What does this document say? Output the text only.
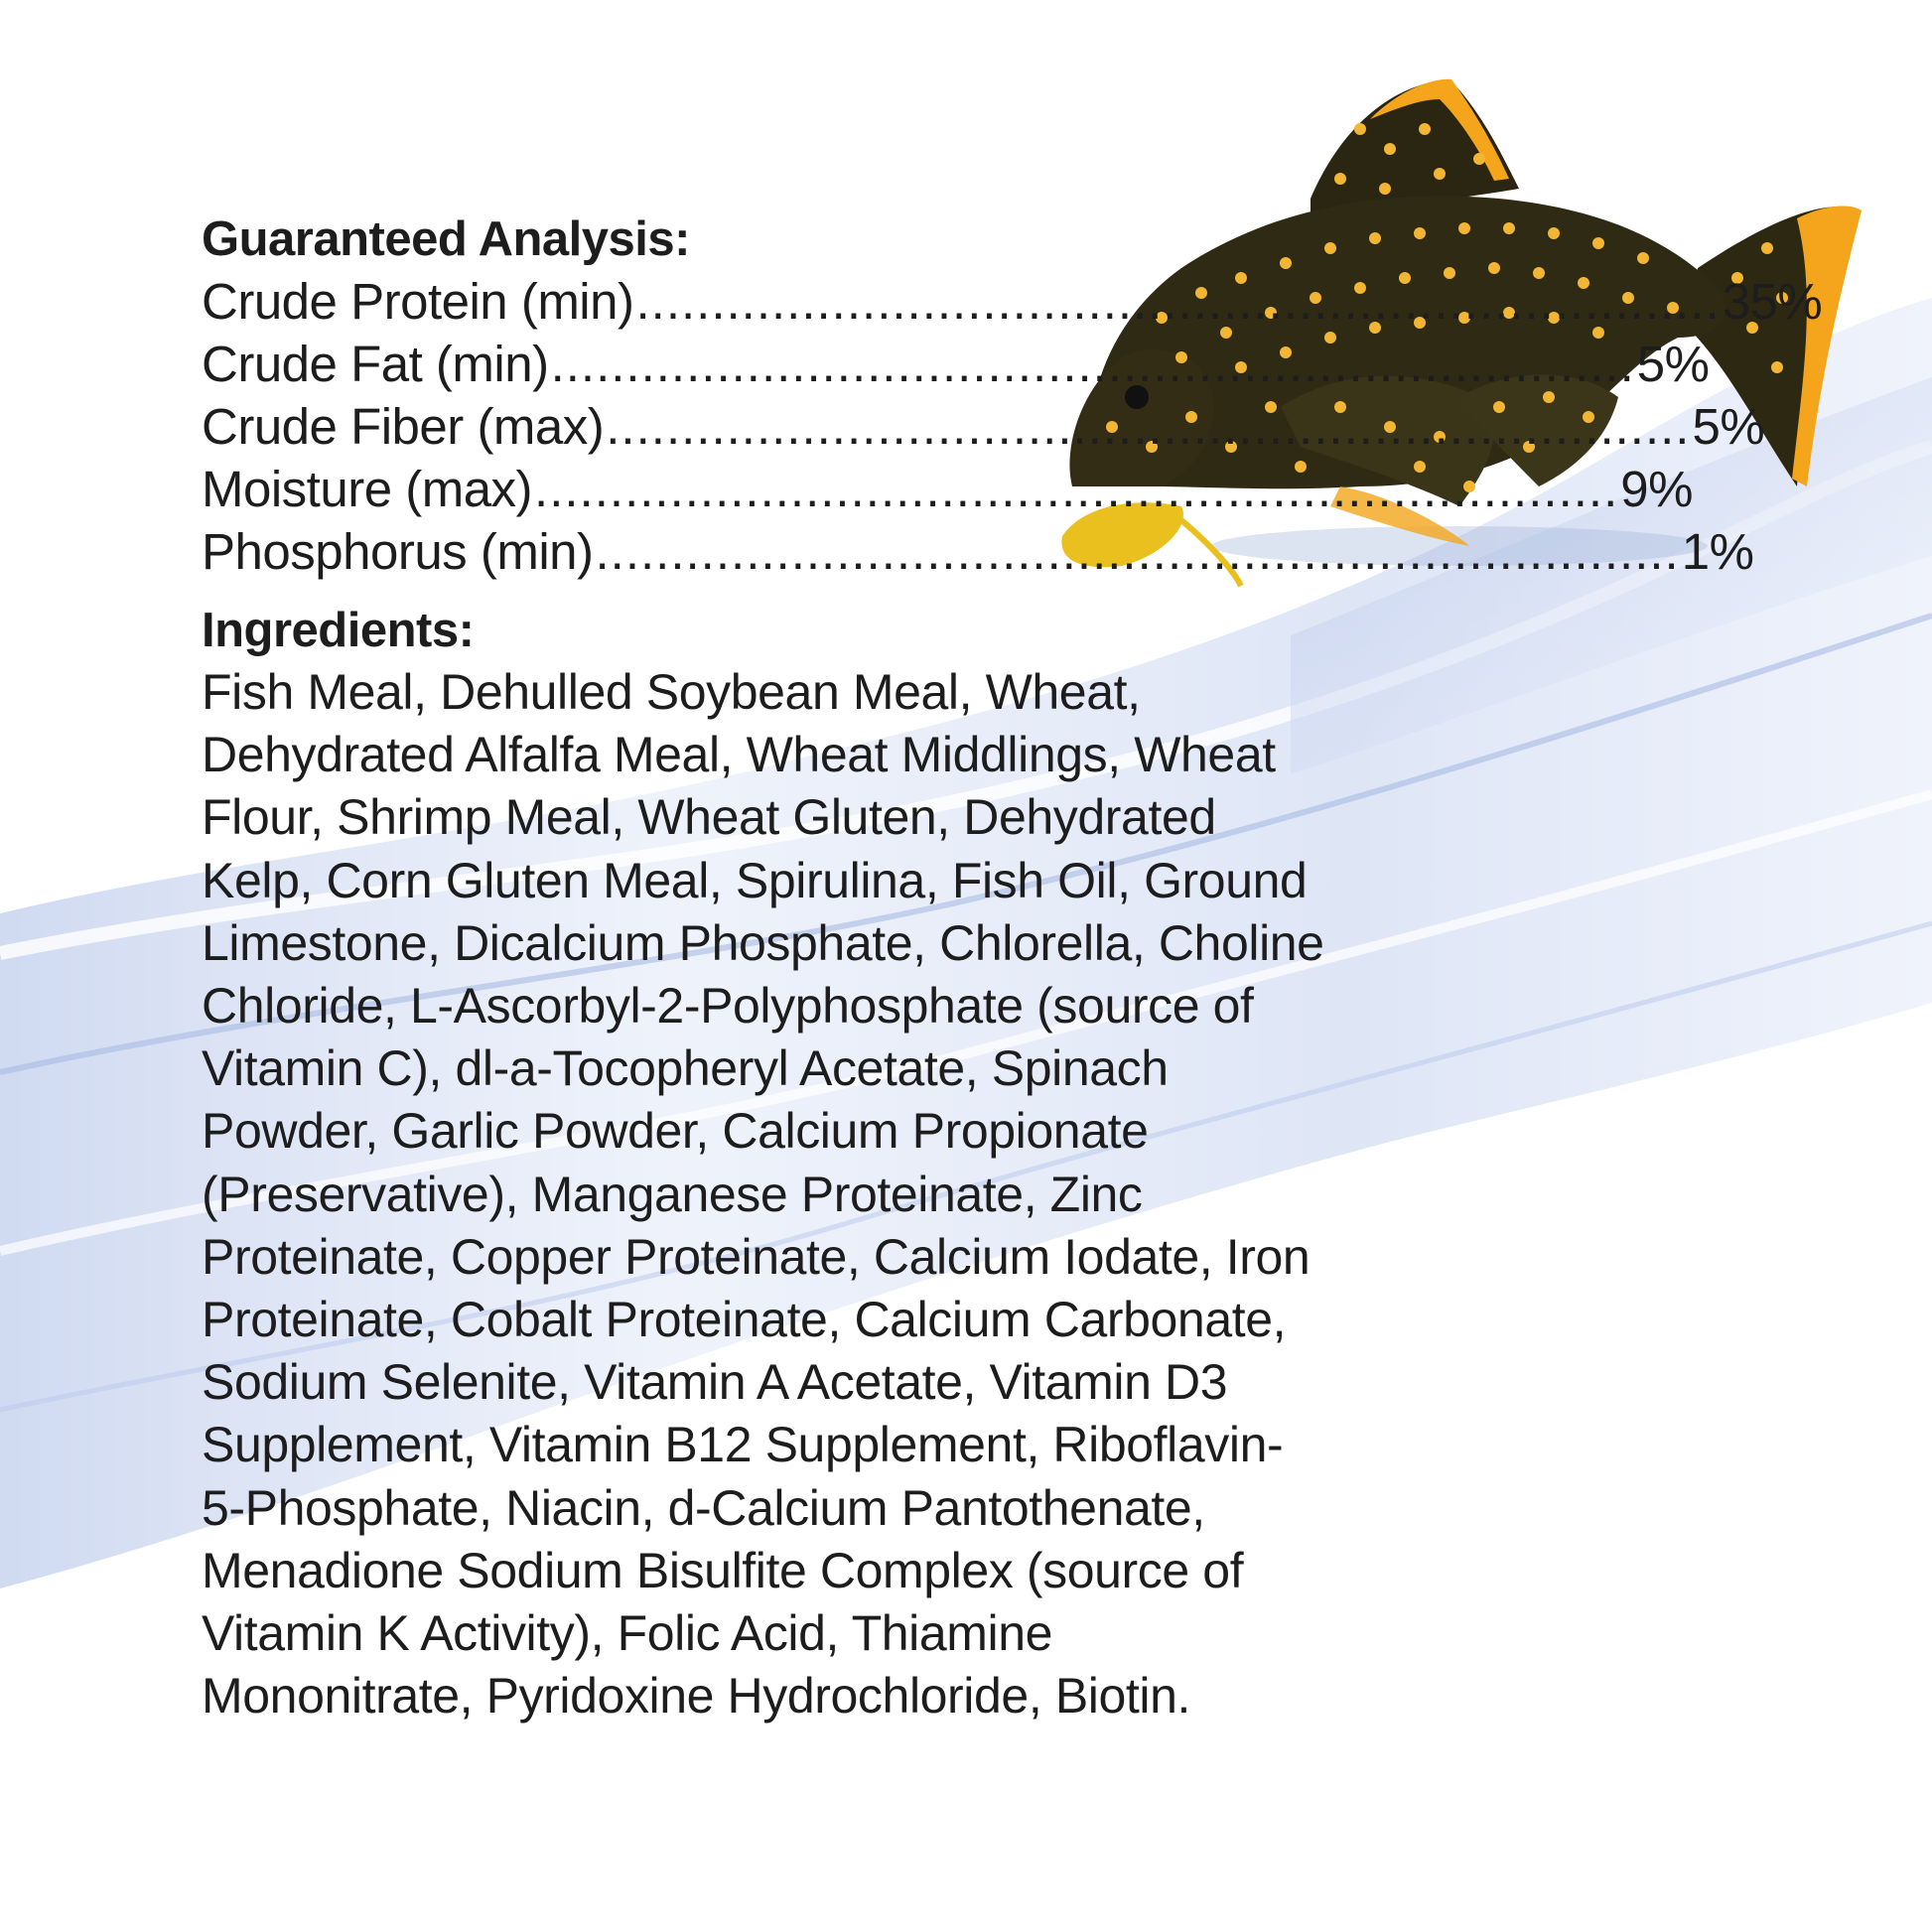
Guaranteed Analysis:
Crude Protein (min) ........................................................................ 35%
Crude Fat (min) ........................................................................ 5%
Crude Fiber (max) ........................................................................ 5%
Moisture (max) ........................................................................ 9%
Phosphorus (min) ........................................................................ 1%
Ingredients:

Fish Meal, Dehulled Soybean Meal, Wheat,
Dehydrated Alfalfa Meal, Wheat Middlings, Wheat
Flour, Shrimp Meal, Wheat Gluten, Dehydrated
Kelp, Corn Gluten Meal, Spirulina, Fish Oil, Ground
Limestone, Dicalcium Phosphate, Chlorella, Choline
Chloride, L-Ascorbyl-2-Polyphosphate (source of
Vitamin C), dl-a-Tocopheryl Acetate, Spinach
Powder, Garlic Powder, Calcium Propionate
(Preservative), Manganese Proteinate, Zinc
Proteinate, Copper Proteinate, Calcium Iodate, Iron
Proteinate, Cobalt Proteinate, Calcium Carbonate,
Sodium Selenite, Vitamin A Acetate, Vitamin D3
Supplement, Vitamin B12 Supplement, Riboflavin-
5-Phosphate, Niacin, d-Calcium Pantothenate,
Menadione Sodium Bisulfite Complex (source of
Vitamin K Activity), Folic Acid, Thiamine
Mononitrate, Pyridoxine Hydrochloride, Biotin.
